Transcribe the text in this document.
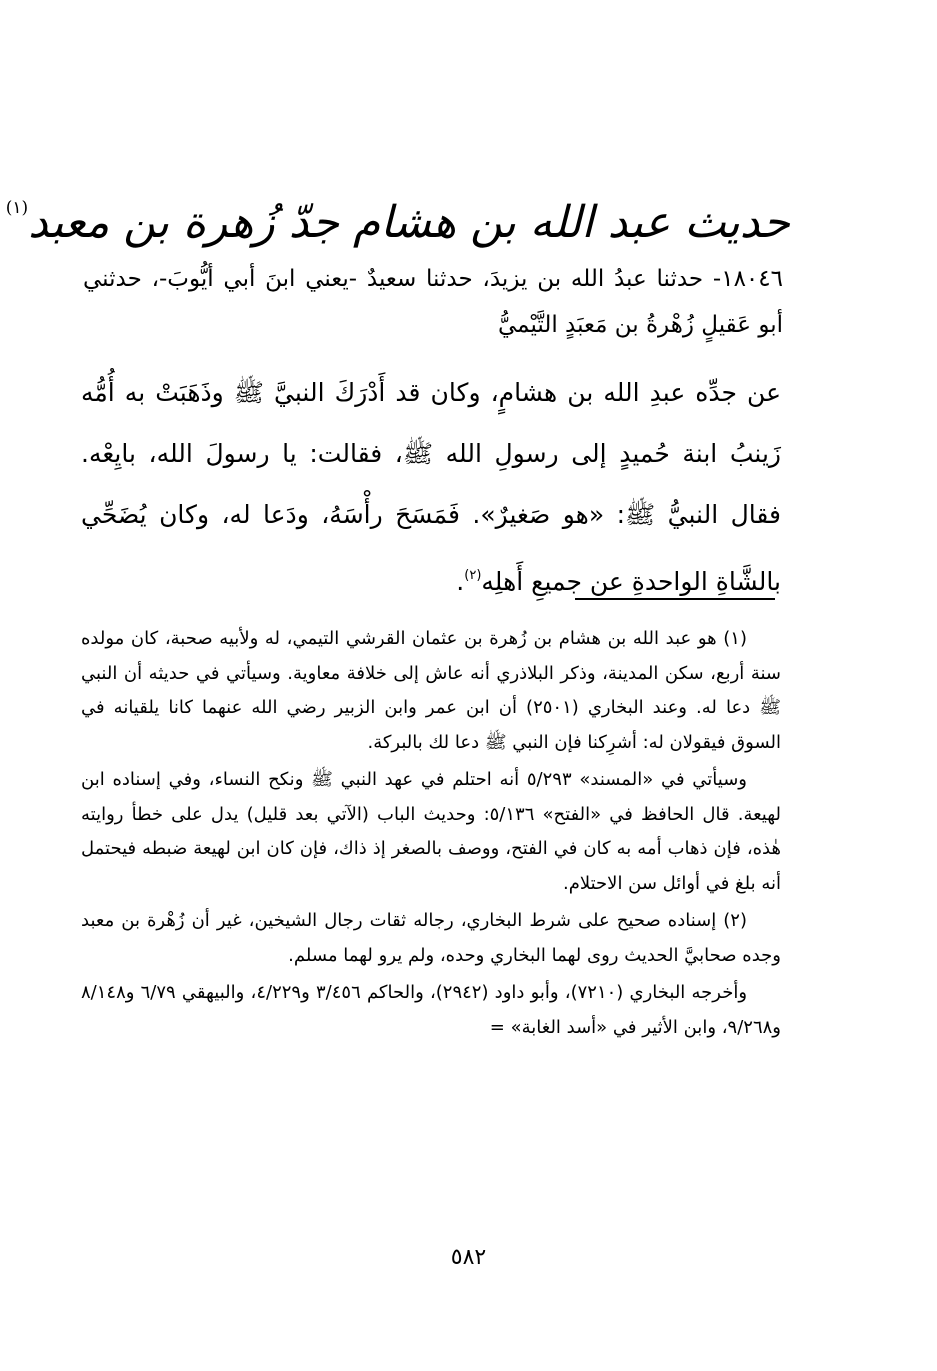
حديث عبد الله بن هشام جدّ زُهرة بن معبد$^{(١)}$

١٨٠٤٦- حدثنا عبدُ الله بن يزيدَ، حدثنا سعيدٌ -يعني ابنَ أبي أيُّوبَ-، حدثني أبو عَقيلٍ زُهْرةُ بن مَعبَدٍ التَّيْميُّ

عن جدِّه عبدِ الله بن هشامٍ، وكان قد أَدْرَكَ النبيَّ ﷺ وذَهَبَتْ به أُمُّه زَينبُ ابنة حُميدٍ إلى رسولِ الله ﷺ، فقالت: يا رسولَ الله، بايِعْه. فقال النبيُّ ﷺ: «هو صَغيرٌ». فَمَسَحَ رأْسَهُ، ودَعا له، وكان يُضَحِّي بالشَّاةِ الواحدةِ عن جميعِ أَهلِه$^{(٢)}$.

(١) هو عبد الله بن هشام بن زُهرة بن عثمان القرشي التيمي، له ولأبيه صحبة، كان مولده سنة أربع، سكن المدينة، وذكر البلاذري أنه عاش إلى خلافة معاوية. وسيأتي في حديثه أن النبي ﷺ دعا له. وعند البخاري (٢٥٠١) أن ابن عمر وابن الزبير رضي الله عنهما كانا يلقيانه في السوق فيقولان له: أشرِكنا فإن النبي ﷺ دعا لك بالبركة.

وسيأتي في «المسند» ٥/٢٩٣ أنه احتلم في عهد النبي ﷺ ونكح النساء، وفي إسناده ابن لهيعة. قال الحافظ في «الفتح» ٥/١٣٦: وحديث الباب (الآتي بعد قليل) يدل على خطأ روايته هٰذه، فإن ذهاب أمه به كان في الفتح، ووصف بالصغر إذ ذاك، فإن كان ابن لهيعة ضبطه فيحتمل أنه بلغ في أوائل سن الاحتلام.

(٢) إسناده صحيح على شرط البخاري، رجاله ثقات رجال الشيخين، غير أن زُهْرة بن معبد وجده صحابيَّ الحديث روى لهما البخاري وحده، ولم يرو لهما مسلم.

وأخرجه البخاري (٧٢١٠)، وأبو داود (٢٩٤٢)، والحاكم ٣/٤٥٦ و٤/٢٢٩، والبيهقي ٦/٧٩ و٨/١٤٨ و٩/٢٦٨، وابن الأثير في «أسد الغابة» =

٥٨٢
